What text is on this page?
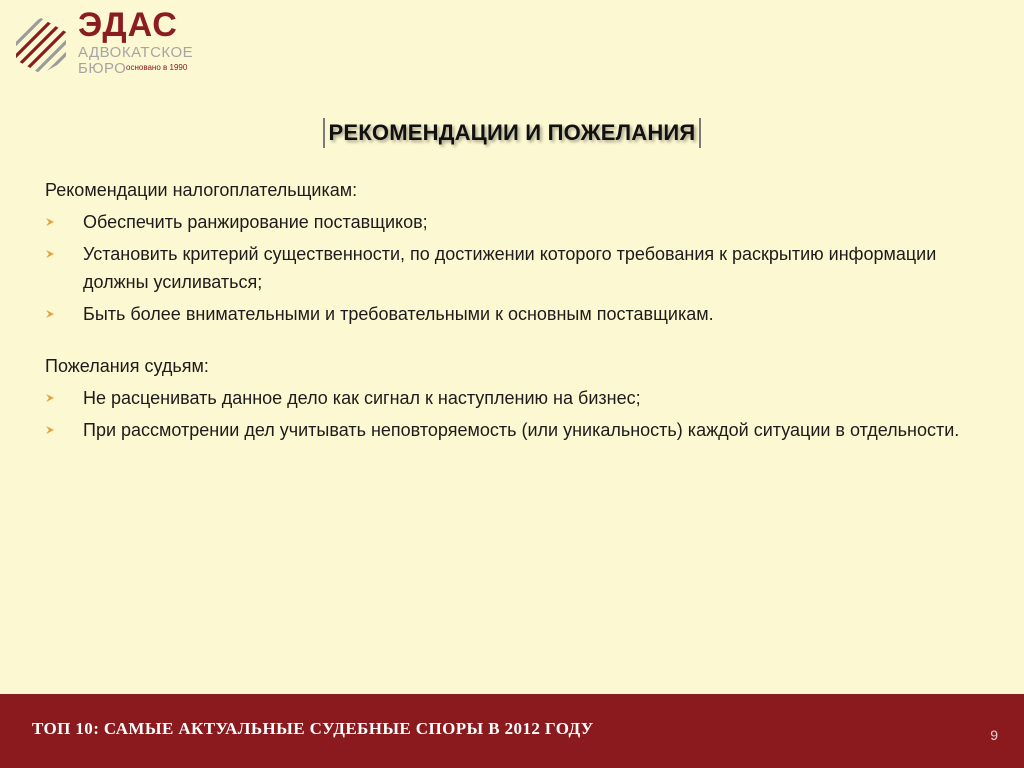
ЭДАС
АДВОКАТСКОЕ
БЮРО основано в 1990
РЕКОМЕНДАЦИИ И ПОЖЕЛАНИЯ
Рекомендации налогоплательщикам:
Обеспечить ранжирование поставщиков;
Установить критерий существенности, по достижении которого требования к раскрытию информации должны усиливаться;
Быть более внимательными и требовательными к основным поставщикам.
Пожелания судьям:
Не расценивать данное дело как сигнал к наступлению на бизнес;
При рассмотрении дел учитывать неповторяемость (или уникальность) каждой ситуации в отдельности.
ТОП 10: САМЫЕ АКТУАЛЬНЫЕ СУДЕБНЫЕ СПОРЫ В 2012 ГОДУ	9
